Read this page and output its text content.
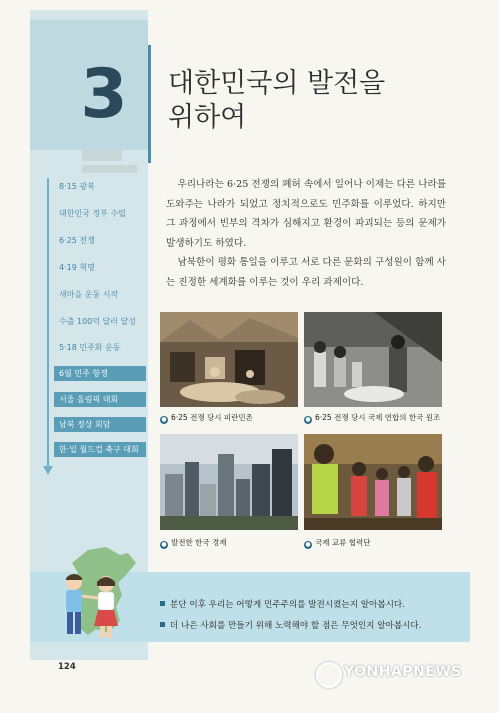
3	대한민국의 발전을
위하여
8·15 광복
대한민국 정부 수립
6·25 전쟁
4·19 혁명
새마을 운동 시작
수출 100억 달러 달성
5·18 민주화 운동
6월 민주 항쟁
서울 올림픽 대회
남북 정상 회담
한·일 월드컵 축구 대회

우리나라는 6·25 전쟁의 폐허 속에서 일어나 이제는 다른 나라를 도와주는 나라가 되었고 정치적으로도 민주화를 이루었다. 하지만 그 과정에서 빈부의 격차가 심해지고 환경이 파괴되는 등의 문제가 발생하기도 하였다.

남북한이 평화 통일을 이루고 서로 다른 문화의 구성원이 함께 사는 진정한 세계화를 이루는 것이 우리 과제이다.

● 6·25 전쟁 당시 피란민촌	● 6·25 전쟁 당시 국제 연합의 한국 원조
● 발전한 한국 경제	● 국제 교류 협력단
분단 이후 우리는 어떻게 민주주의를 발전시켰는지 알아봅시다.
더 나은 사회를 만들기 위해 노력해야 할 점은 무엇인지 알아봅시다.
124	YONHAPNEWS
